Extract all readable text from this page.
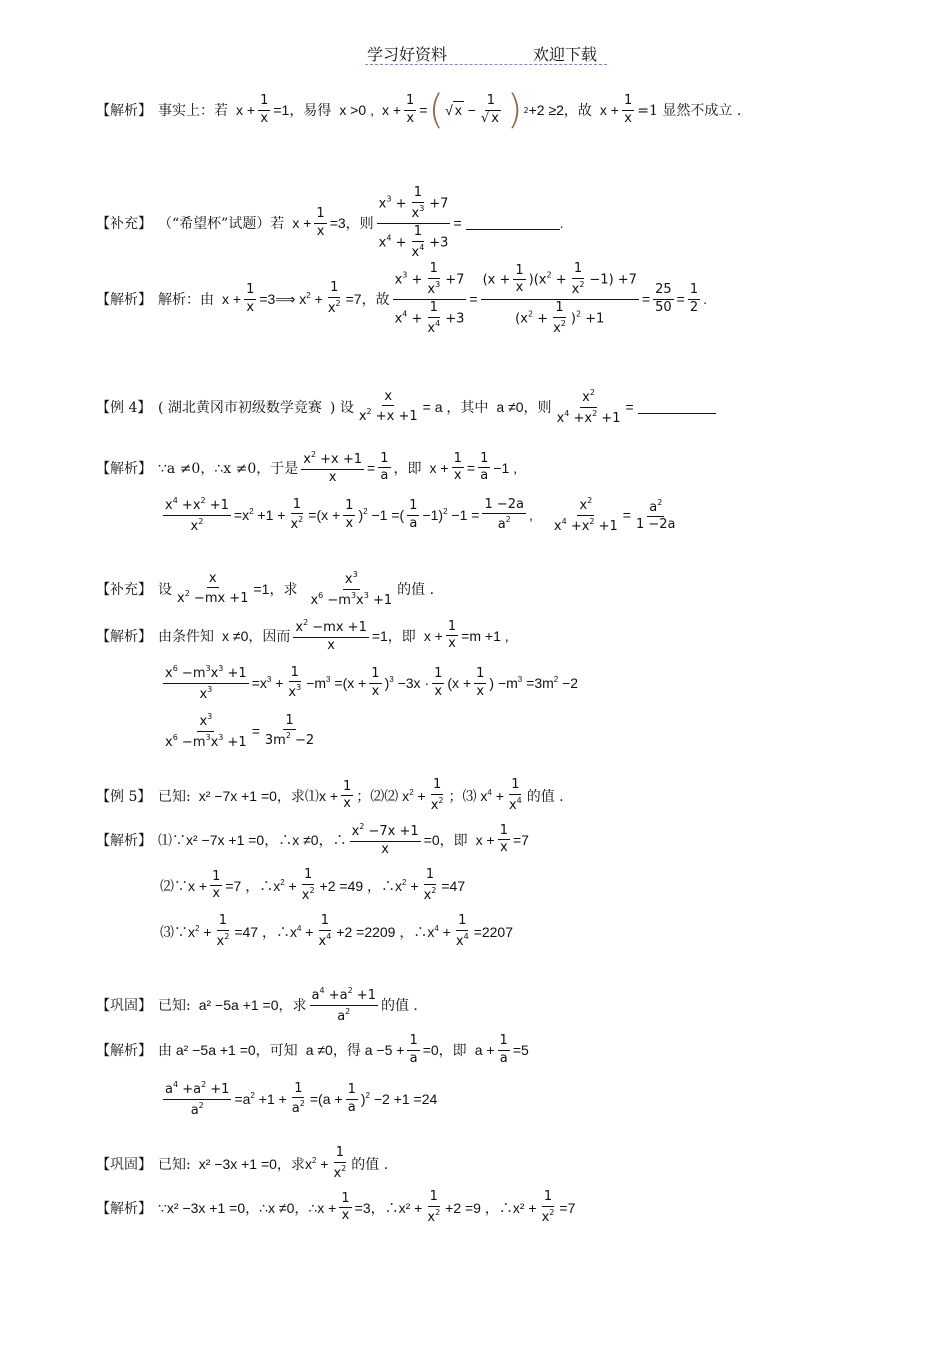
学习好资料	欢迎下载
【解析】 事实上：若 $x + \frac{1}{x} =1$ ，易得 x >0 , $x + \frac{1}{x}$ = ( √ $x - \frac{1}{√ x}$ ) 2 +2 ≥2 ，故 $x + \frac{1}{x} =1$ 显然不成立 .
【补充】 （“希望杯”试题）若 $x + \frac{1}{x} =3$ ，则 $\frac{x^3 + \frac{1}{x^3} +7}{x^4 + \frac{1}{x^4} +3}$ =	.
【解析】 解析：由 $x + \frac{1}{x}$ =3⟹ $x^2 + \frac{1}{x^2} =7$ ，故 $\frac{x^3 + \frac{1}{x^3} +7}{x^4 + \frac{1}{x^4} +3} = \frac{(x + \frac{1}{x} )(x^2 + \frac{1}{x^2} -1) +7}{(x^2 + \frac{1}{x^2} )^2 +1} = \frac{25}{50} = \frac{1}{2}$ .
【例 4】 ( 湖北黄冈市初级数学竞赛 ) 设 $\frac{x}{x^2 +x +1} = a$ ，其中 a ≠0，则 $\frac{x^2}{x^4 +x^2 +1}$ =
【解析】 ∵a ≠0，∴x ≠0，于是 $\frac{x^2 +x +1}{x} = \frac{1}{a}$ ，即 $x + \frac{1}{x} = \frac{1}{a} -1$ ,
$\frac{x^4 +x^2 +1}{x^2} =x^2 +1 + \frac{1}{x^2} =(x + \frac{1}{x} )^2 -1$ =( $\frac{1}{a} -1)^2 -1 = \frac{1 -2a}{a^2}$ , $\frac{x^2}{x^4 +x^2 +1} = \frac{a^2}{1 -2a}$
【补充】 设 $\frac{x}{x^2 -mx +1} =1$，求 $\frac{x^3}{x^6 -m^3x^3 +1}$ 的值 .
【解析】 由条件知 x ≠0，因而 $\frac{x^2 -mx +1}{x} =1$，即 $x + \frac{1}{x} =m +1$ ,
$\frac{x^6 -m^3x^3 +1}{x^3} =x^3 + \frac{1}{x^3} -m^3 =(x + \frac{1}{x} )^3 -3x \cdot \frac{1}{x} (x + \frac{1}{x}$ ) $-m^3 =3m^2 -2$
$\frac{x^3}{x^6 -m^3x^3 +1} = \frac{1}{3m^2 -2}$
【例 5】 已知: x² −7x +1 =0，求⑴ $x + \frac{1}{x}$ ；⑵ ⑵ $x^2 + \frac{1}{x^2}$ ；⑶ $x^4 + \frac{1}{x^4}$ 的值 .
【解析】 ⑴∵x² −7x +1 =0，∴x ≠0，∴ $\frac{x^2 -7x +1}{x} =0$，即 $x + \frac{1}{x} =7$
⑵∵ $x + \frac{1}{x} =7$ ，∴ $x^2 + \frac{1}{x^2} +2 =49$ ，∴ $x^2 + \frac{1}{x^2} =47$
⑶∵ $x^2 + \frac{1}{x^2} =47$ ，∴ $x^4 + \frac{1}{x^4} +2 =2209$ ，∴ $x^4 + \frac{1}{x^4} =2207$
【巩固】 已知: a² −5a +1 =0，求 $\frac{a^4 +a^2 +1}{a^2}$ 的值 .
【解析】 由 a² −5a +1 =0，可知 a ≠0，得 $a -5 + \frac{1}{a} =0$，即 $a + \frac{1}{a} =5$
$\frac{a^4 +a^2 +1}{a^2} =a^2 +1 + \frac{1}{a^2} =(a + \frac{1}{a} )^2 -2 +1 =24$
【巩固】 已知: x² −3x +1 =0，求 $x^2 + \frac{1}{x^2}$ 的值 .
【解析】 ∵x² −3x +1 =0，∴x ≠0，∴x + $\frac{1}{x} =3$，∴x² + $\frac{1}{x^2} +2 =9$ ，∴x² + $\frac{1}{x^2} =7$
